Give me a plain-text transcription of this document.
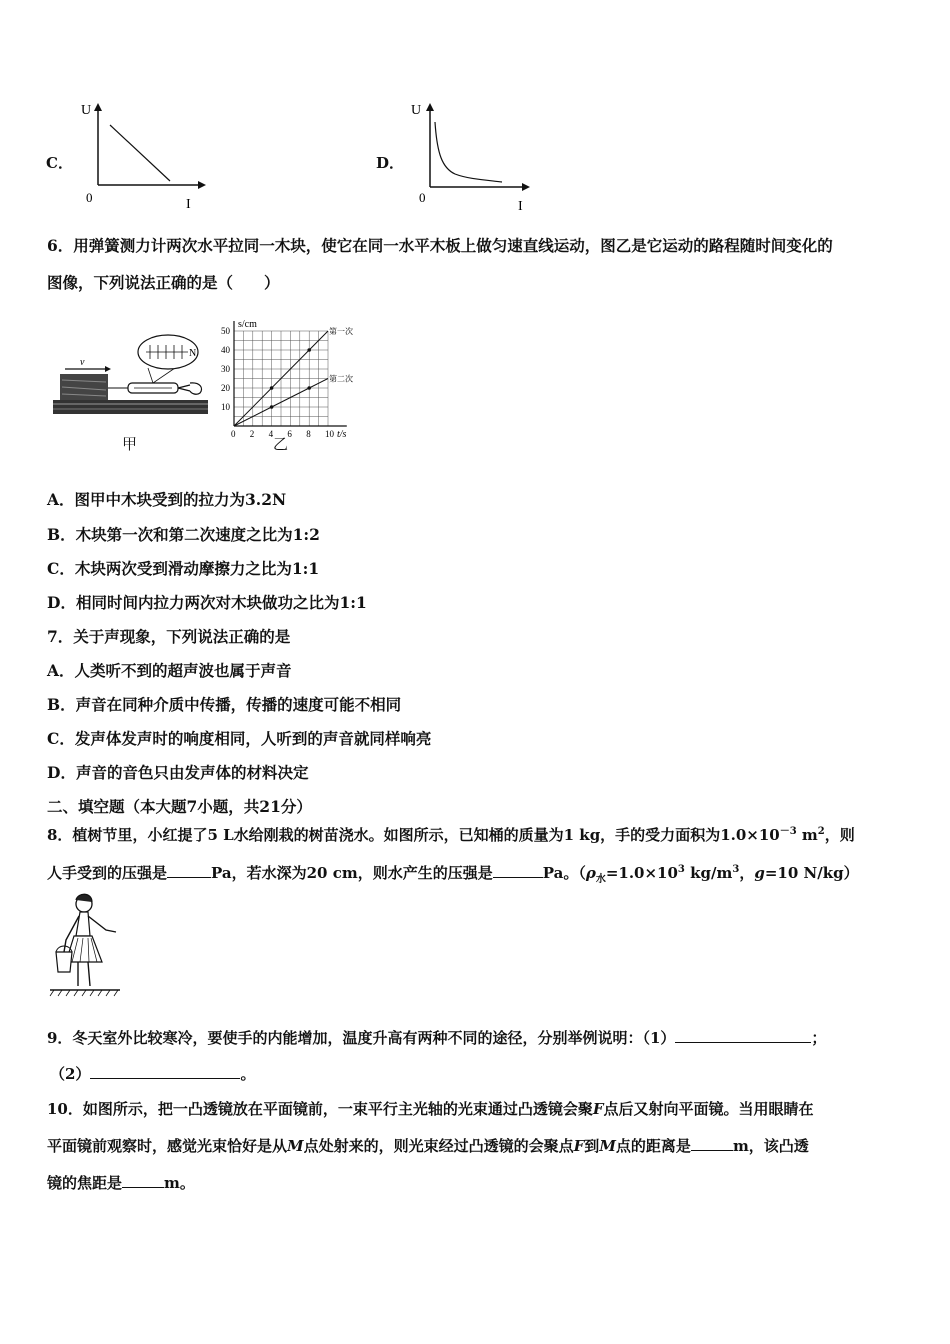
C．
U
I
0
D．
U
I
0
6．用弹簧测力计两次水平拉同一木块，使它在同一水平木板上做匀速直线运动，图乙是它运动的路程随时间变化的
图像，下列说法正确的是（　　）
v
N
甲
0 2 4 6 8 10
10
20
30
40
50
s/cm
t/s
第一次
第二次
乙
A．图甲中木块受到的拉力为3.2N
B．木块第一次和第二次速度之比为1:2
C．木块两次受到滑动摩擦力之比为1:1
D．相同时间内拉力两次对木块做功之比为1:1
7．关于声现象，下列说法正确的是
A．人类听不到的超声波也属于声音
B．声音在同种介质中传播，传播的速度可能不相同
C．发声体发声时的响度相同，人听到的声音就同样响亮
D．声音的音色只由发声体的材料决定
二、填空题（本大题7小题，共21分）
8．植树节里，小红提了5 L水给刚栽的树苗浇水。如图所示，已知桶的质量为1 kg，手的受力面积为$1.0\times 10^{-3}$ $m^2$，则
人手受到的压强是	Pa，若水深为20 cm，则水产生的压强是	Pa。（$\rho_水=1.0\times 10^3$ $kg/m^3$，g=10 N/kg）
9．冬天室外比较寒冷，要使手的内能增加，温度升高有两种不同的途径，分别举例说明：（1）	；
（2）	。
10．如图所示，把一凸透镜放在平面镜前，一束平行主光轴的光束通过凸透镜会聚F点后又射向平面镜。当用眼睛在
平面镜前观察时，感觉光束恰好是从M点处射来的，则光束经过凸透镜的会聚点F到M点的距离是	m，该凸透
镜的焦距是	m。
